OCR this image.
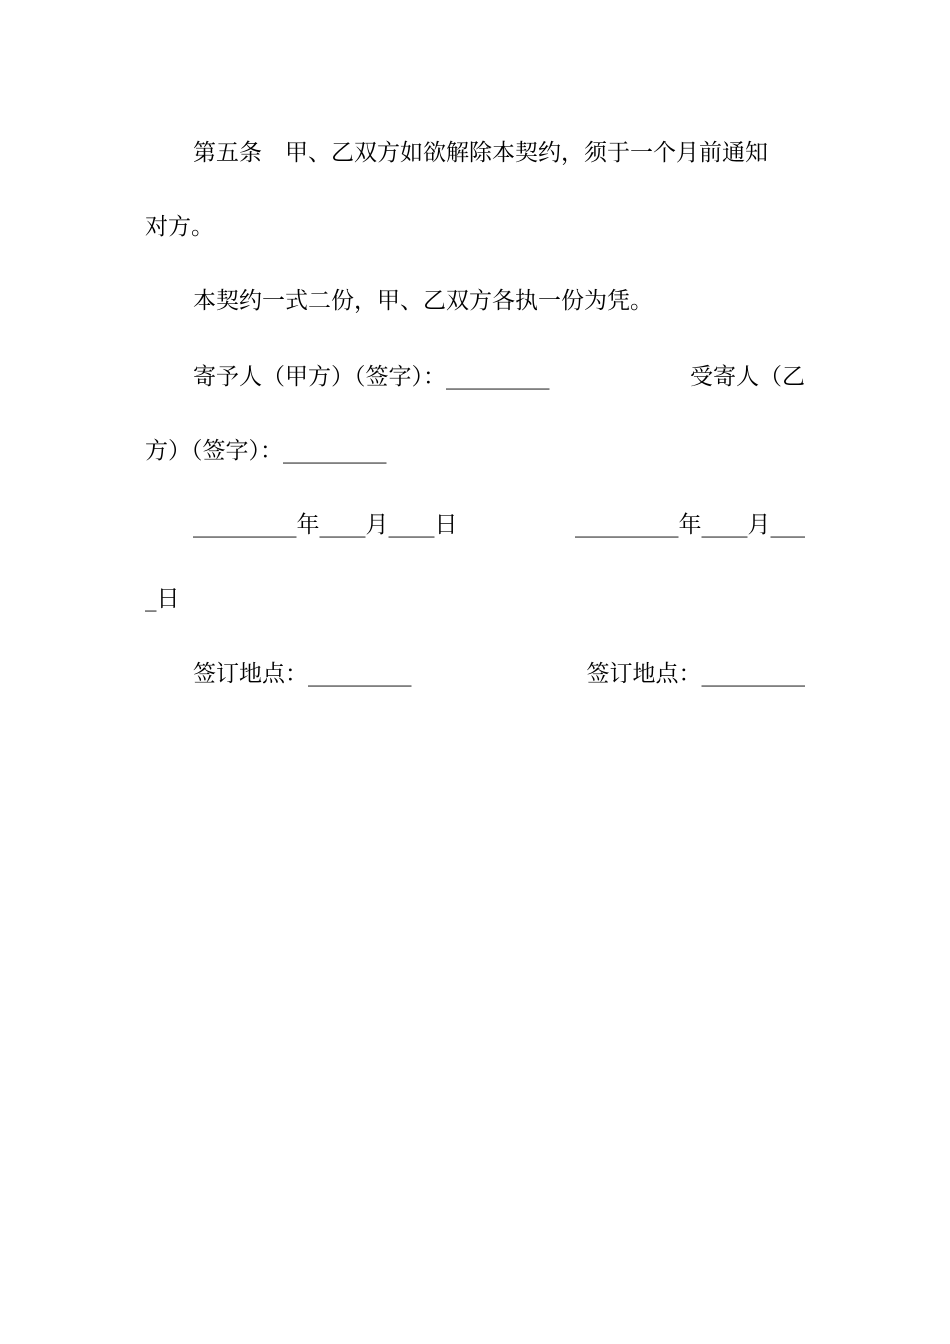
第五条　甲、乙双方如欲解除本契约，须于一个月前通知
对方。
本契约一式二份，甲、乙双方各执一份为凭。
寄予人（甲方）（签字）：_________	受寄人（乙
方）（签字）：_________
_________年____月____日	_________年____月___
_日
签订地点：_________	签订地点：_________
